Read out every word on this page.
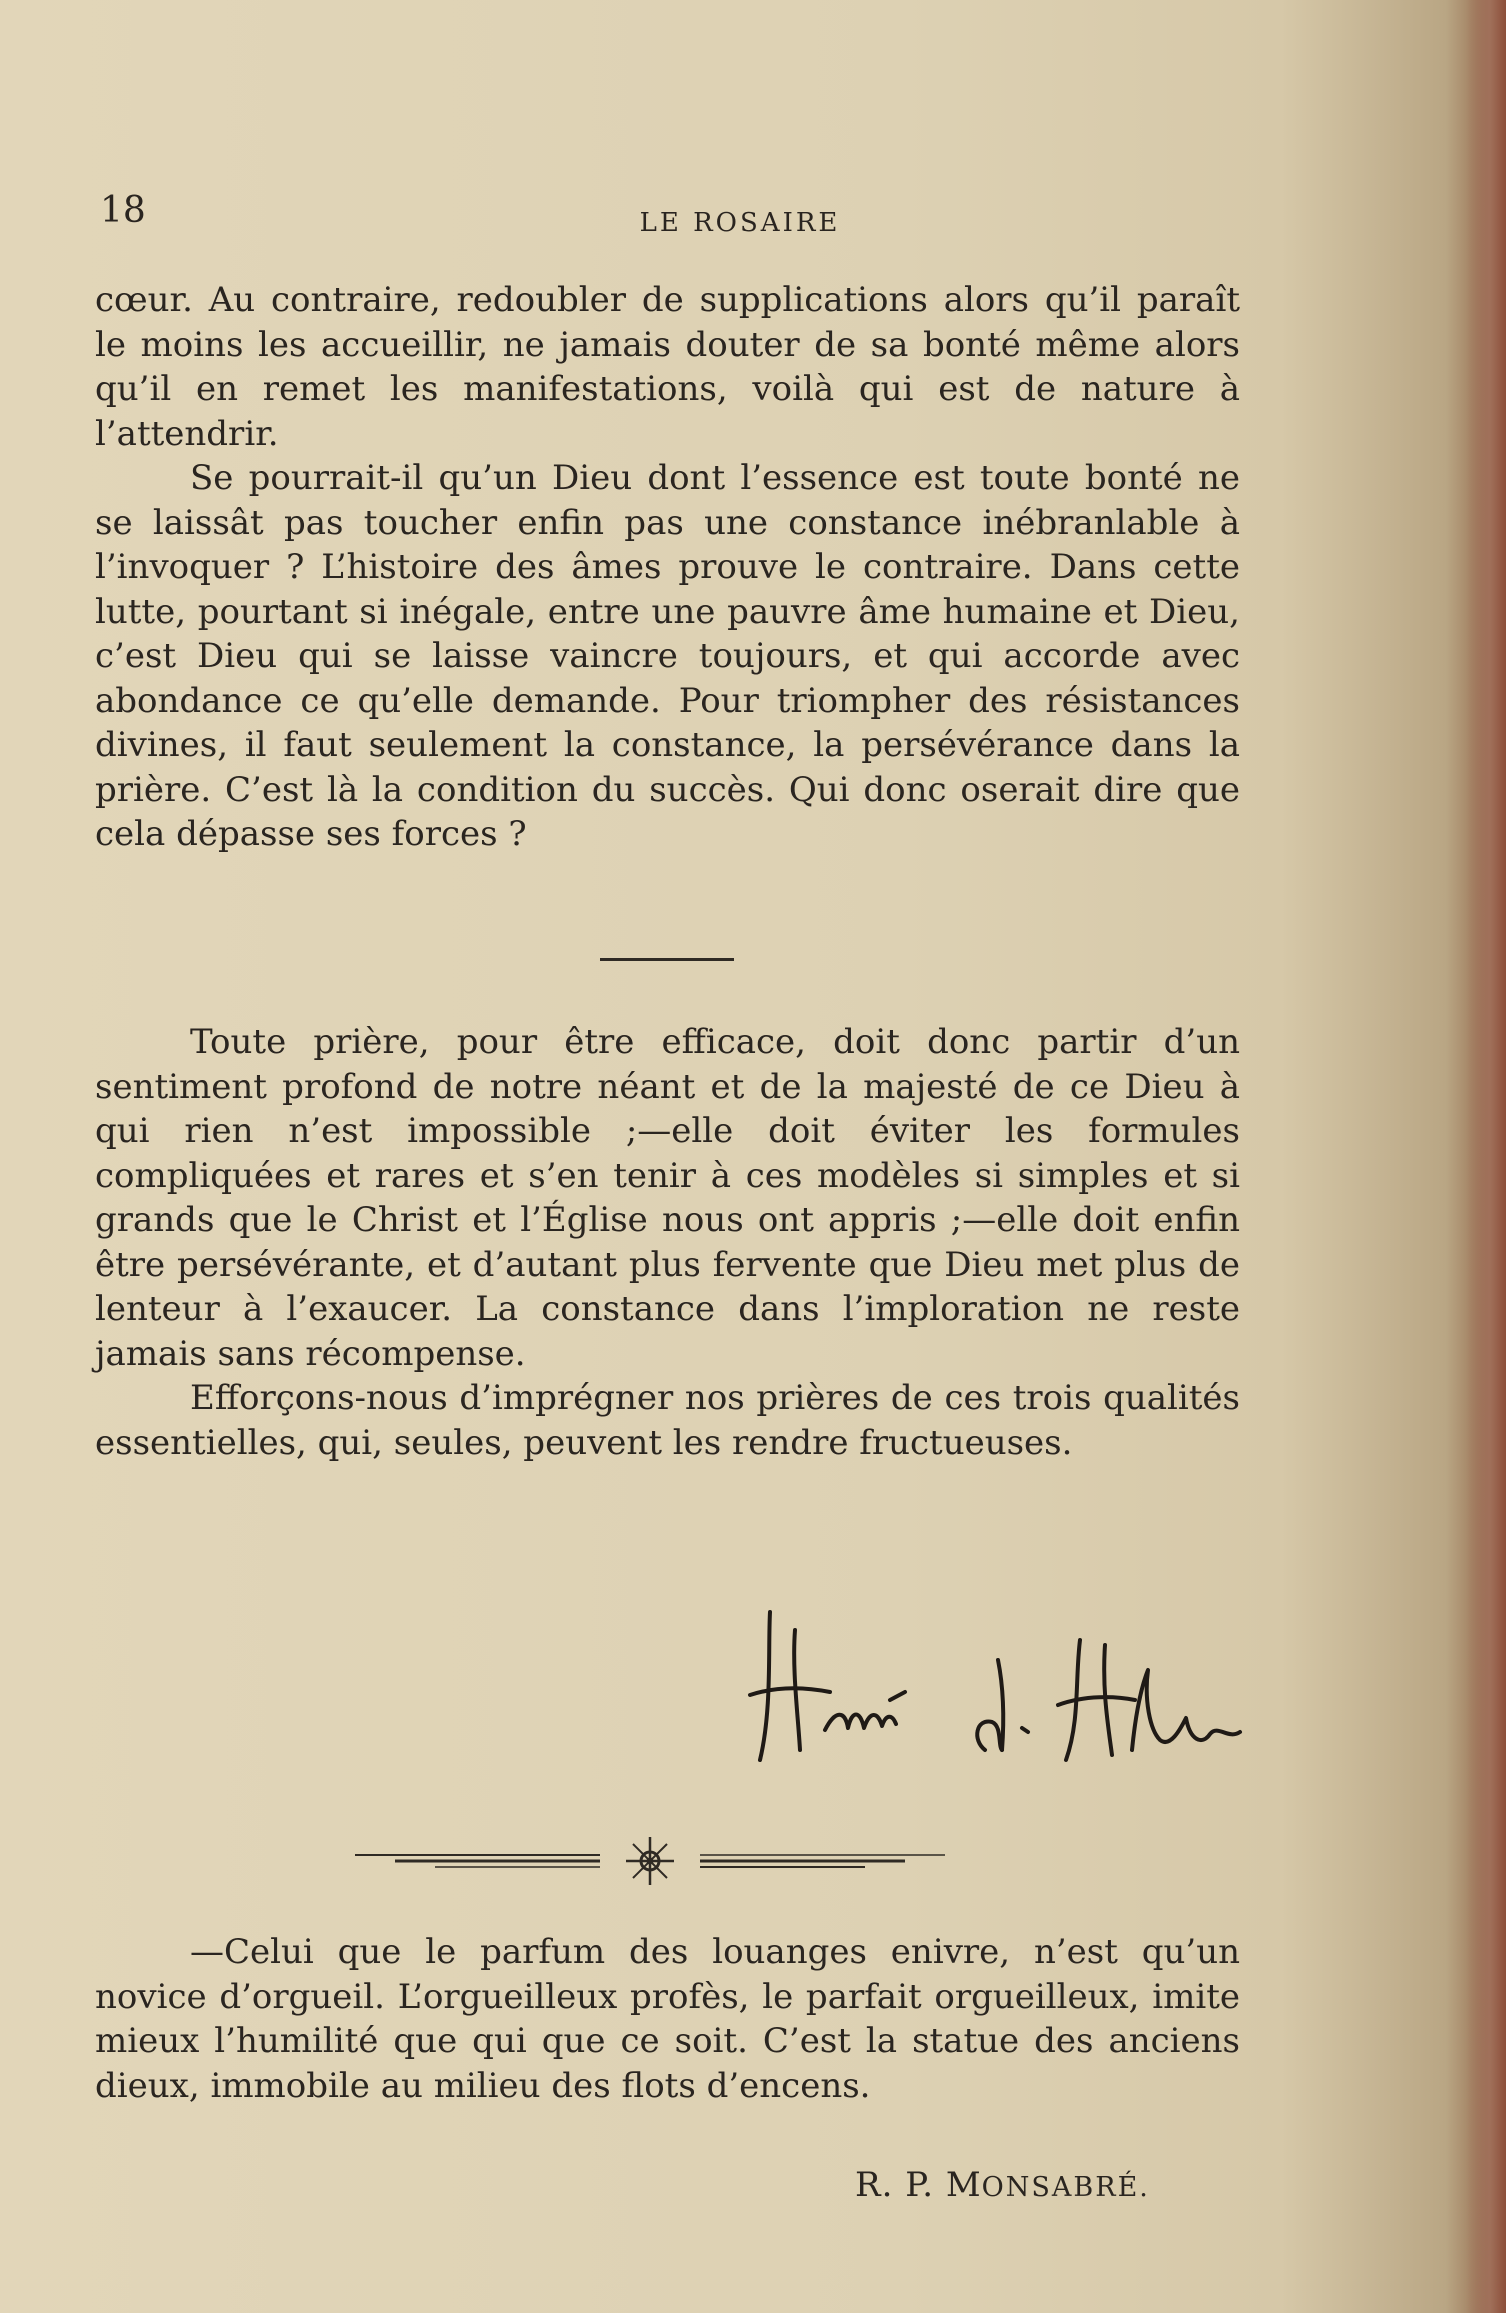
18	LE ROSAIRE

cœur. Au contraire, redoubler de supplications alors qu’il paraît le moins les accueillir, ne jamais douter de sa bonté même alors qu’il en remet les manifestations, voilà qui est de nature à l’attendrir.

Se pourrait-il qu’un Dieu dont l’essence est toute bonté ne se laissât pas toucher enfin pas une constance inébranlable à l’invoquer ? L’histoire des âmes prouve le contraire. Dans cette lutte, pourtant si inégale, entre une pauvre âme humaine et Dieu, c’est Dieu qui se laisse vaincre toujours, et qui accorde avec abondance ce qu’elle demande. Pour triompher des résistances divines, il faut seulement la constance, la persévérance dans la prière. C’est là la condition du succès. Qui donc oserait dire que cela dépasse ses forces ?

Toute prière, pour être efficace, doit donc partir d’un sentiment profond de notre néant et de la majesté de ce Dieu à qui rien n’est impossible ;—elle doit éviter les formules compliquées et rares et s’en tenir à ces modèles si simples et si grands que le Christ et l’Église nous ont appris ;—elle doit enfin être persévérante, et d’autant plus fervente que Dieu met plus de lenteur à l’exaucer. La constance dans l’imploration ne reste jamais sans récompense.

Efforçons-nous d’imprégner nos prières de ces trois qualités essentielles, qui, seules, peuvent les rendre fructueuses.

—Celui que le parfum des louanges enivre, n’est qu’un novice d’orgueil. L’orgueilleux profès, le parfait orgueilleux, imite mieux l’humilité que qui que ce soit. C’est la statue des anciens dieux, immobile au milieu des flots d’encens.

R. P. MONSABRÉ.
